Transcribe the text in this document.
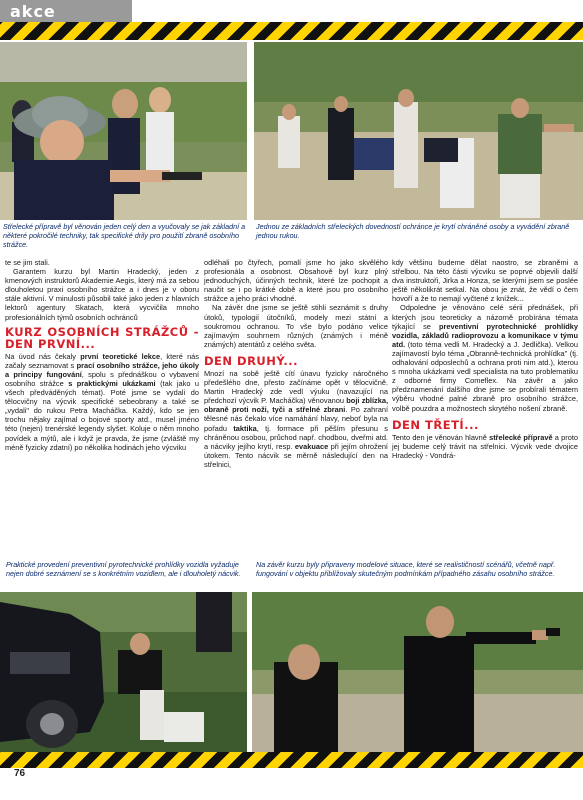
akce
Střelecké přípravě byl věnován jeden celý den a vyučovaly se jak základní a některé pokročilé techniky, tak specifické drily pro použití zbraně osobního strážce.
Jednou ze základních střeleckých dovedností ochránce je krytí chráněné osoby a vyvádění zbraně jednou rukou.

te se jim stali.

Garantem kurzu byl Martin Hradecký, jeden z kmenových instruktorů Akademie Aegis, který má za sebou dlouholetou praxi osobního strážce a i dnes je v oboru stále aktivní. V minulosti působil také jako jeden z hlavních lektorů agentury Skatach, která vycvičila mnoho profesionálních týmů osobních ochránců

KURZ OSOBNÍCH STRÁŽCŮ - DEN PRVNÍ...

Na úvod nás čekaly první teoretické lekce, které nás začaly seznamovat s prací osobního strážce, jeho úkoly a principy fungování, spolu s přednáškou o vybavení osobního strážce s praktickými ukázkami (tak jako u všech předváděných témat). Poté jsme se vydali do tělocvičny na výcvik specifické sebeobrany a také se „vydali" do rukou Petra Macháčka. Každý, kdo se jen trochu nějaky zajímal o bojové sporty atd., musel jméno této (nejen) trenérské legendy slyšet. Koluje o něm mnoho povídek a mýtů, ale i když je pravda, že jsme (zvláště my méně fyzicky zdatní) po několika hodinách jeho výcviku

odléhali po čtyřech, pomalí jsme ho jako skvělého profesionála a osobnost. Obsahově byl kurz plný jednoduchých, účinných technik, které lze pochopit a naučit se i po krátké době a které jsou pro osobního strážce a jeho práci vhodné.

Na závěr dne jsme se ještě stihli seznámit s druhy útoků, typologií útočníků, modely mezi státní a soukromou ochranou. To vše bylo podáno velice zajímavým souhrnem různých (známých i méně známých) atentátů z celého světa.

DEN DRUHÝ...

Mnozí na sobě ještě cítí únavu fyzicky náročného předešlého dne, přesto začínáme opět v tělocvičně. Martin Hradecký zde vedl výuku (navazující na předchozí výcvik P. Macháčka) věnovanou boji zblízka, obraně proti noži, tyči a střelné zbrani. Po zahraní tělesné nás čekalo více namáhání hlavy, neboť byla na pořadu taktika, tj. formace při pěším přesunu s chráněnou osobou, průchod např. chodbou, dveřmi atd. a nácviky jejího krytí, resp. evakuace při jejím ohrožení útokem. Tento nácvik se měrně následující den na střelnici,

kdy většinu budeme dělat naostro, se zbraněmi a střelbou. Na této části výcviku se poprvé objevili další dva instruktoři, Jirka a Honza, se kterými jsem se poslée ještě několikrát setkal. Na obou je znát, že vědí o čem hovoří a že to nemají vyčtené z knížek...

Odpoledne je věnováno celé sérii přednášek, při kterých jsou teoreticky a názorně probírána témata týkající se preventivní pyrotechnické prohlídky vozidla, základů radioprovozu a komunikace v týmu atd. (toto téma vedli M. Hradecký a J. Jedlička). Velkou zajímavostí bylo téma „Obranně-technická prohlídka" (tj. odhalování odposlechů a ochrana proti nim atd.), kterou s mnoha ukázkami vedl specialista na tuto problematiku z odborné firmy Comeflex. Na závěr a jako předznamenání dalšího dne jsme se probírali tématem výběru vhodné palné zbraně pro osobního strážce, volbě pouzdra a možnostech skrytého nošení zbraně.

DEN TŘETÍ...

Tento den je věnován hlavně střelecké přípravě a proto jej budeme celý trávit na střelnici. Výcvik vede dvojice Hradecký - Vondrá-

Praktické provedení preventivní pyrotechnické prohlídky vozidla vyžaduje nejen dobré seznámení se s konkrétním vozidlem, ale i dlouholetý nácvik.
Na závěr kurzu byly připraveny modelové situace, které se realističností scénářů, včetně např. fungování v objektu přiblížovaly skutečným podmínkám případného zásahu osobního strážce.
76
